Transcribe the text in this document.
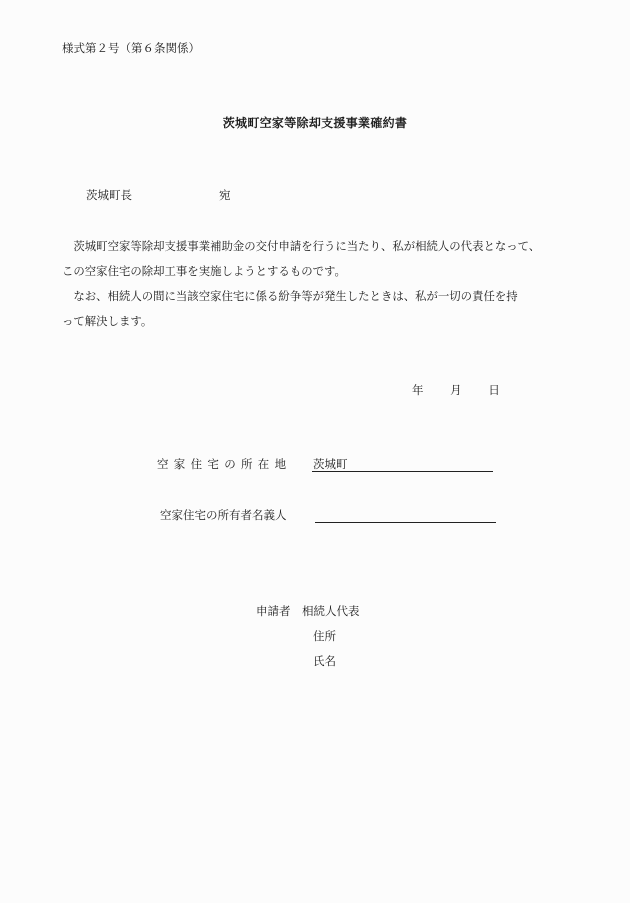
様式第２号（第６条関係）
茨城町空家等除却支援事業確約書
茨城町長	宛
　茨城町空家等除却支援事業補助金の交付申請を行うに当たり、私が相続人の代表となって、
この空家住宅の除却工事を実施しようとするものです。
　なお、相続人の間に当該空家住宅に係る紛争等が発生したときは、私が一切の責任を持
って解決します。
年 月 日
空家住宅の所在地 茨城町
空家住宅の所有者名義人
申請者　相続人代表
住所
氏名
